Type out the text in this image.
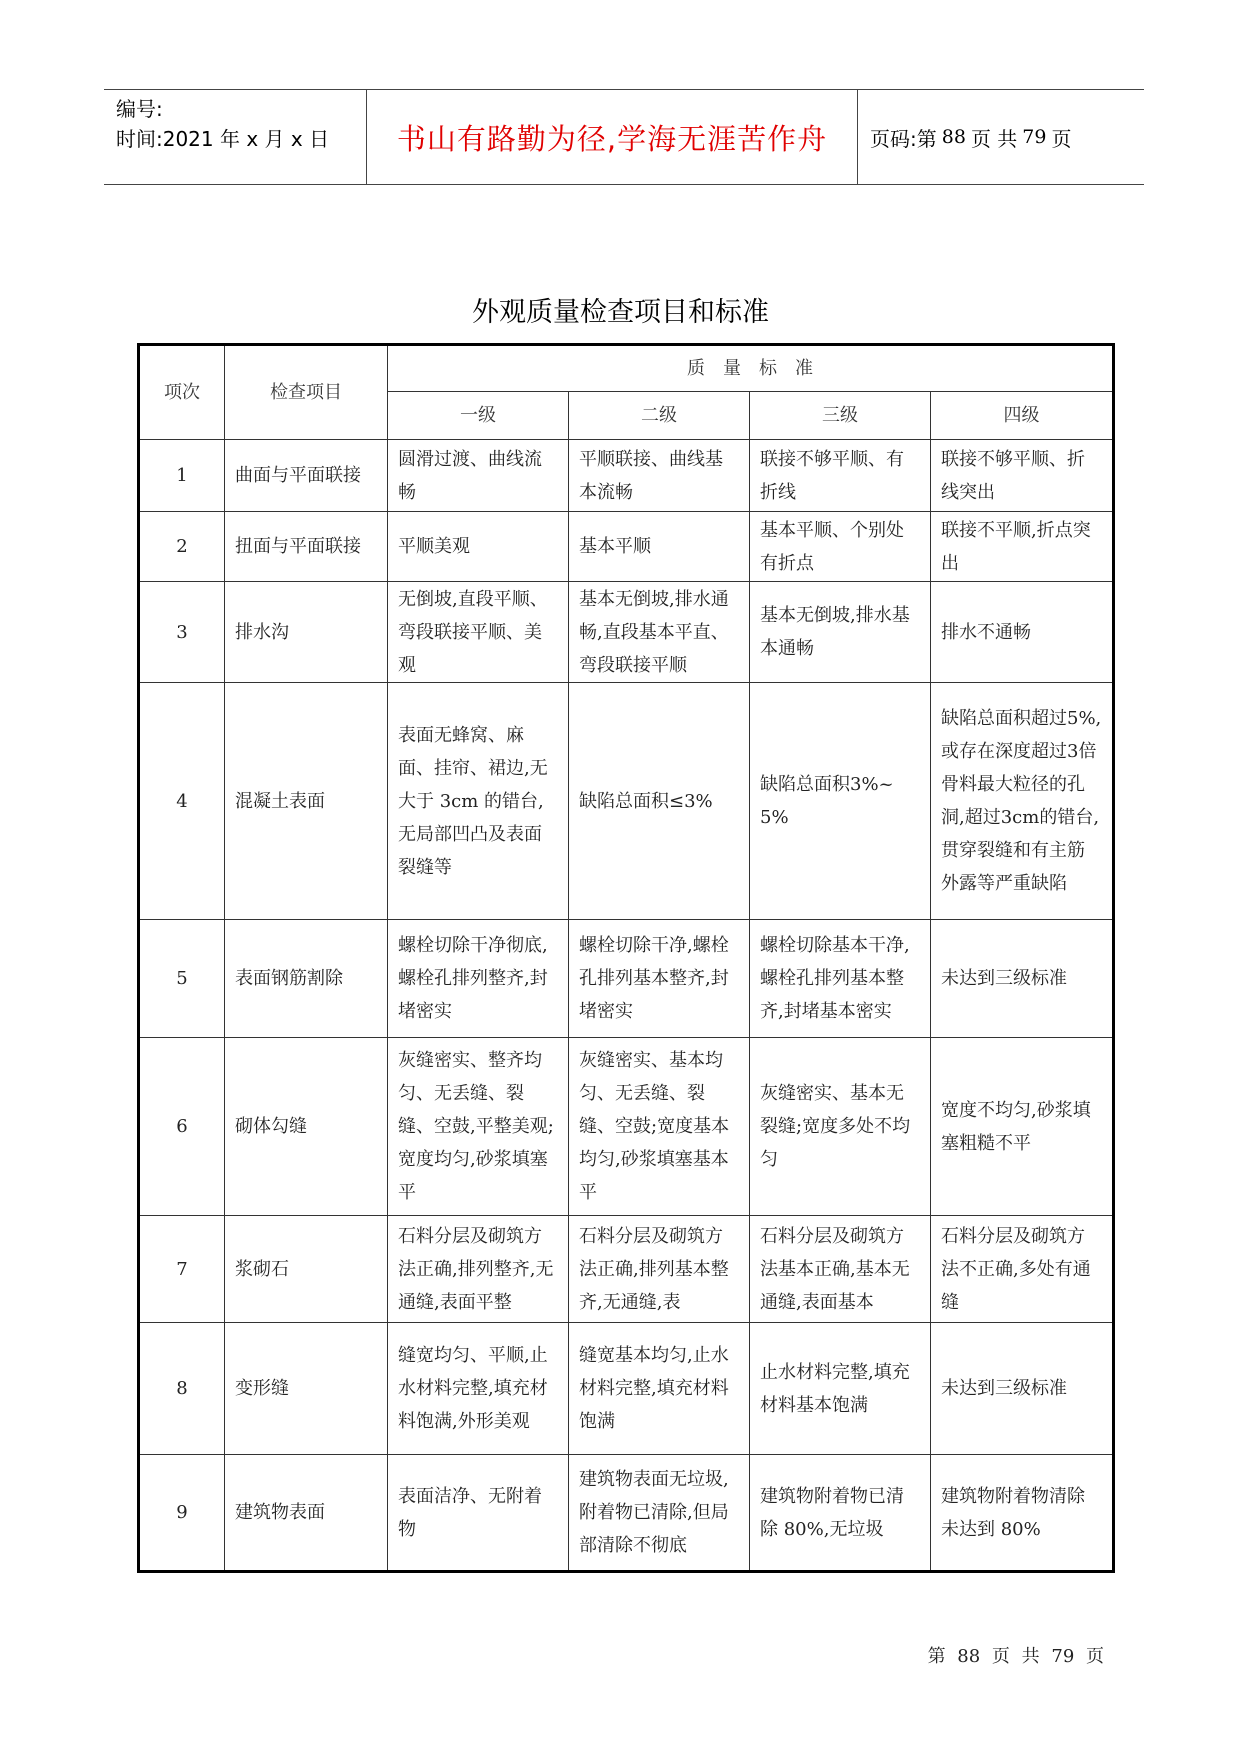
编号:
时间:2021 年 x 月 x 日	书山有路勤为径,学海无涯苦作舟	页码:第 88 页 共 79 页
外观质量检查项目和标准
项次	检查项目	质量标准			
		一级	二级	三级	四级
1	曲面与平面联接	圆滑过渡、曲线流畅	平顺联接、曲线基本流畅	联接不够平顺、有折线	联接不够平顺、折线突出
2	扭面与平面联接	平顺美观	基本平顺	基本平顺、个别处有折点	联接不平顺,折点突出
3	排水沟	无倒坡,直段平顺、弯段联接平顺、美观	基本无倒坡,排水通畅,直段基本平直、弯段联接平顺	基本无倒坡,排水基本通畅	排水不通畅
4	混凝土表面	表面无蜂窝、麻面、挂帘、裙边,无大于 3cm 的错台,无局部凹凸及表面裂缝等	缺陷总面积≤3%	缺陷总面积3%~5%	缺陷总面积超过5%,或存在深度超过3倍骨料最大粒径的孔洞,超过3cm的错台,贯穿裂缝和有主筋外露等严重缺陷
5	表面钢筋割除	螺栓切除干净彻底,螺栓孔排列整齐,封堵密实	螺栓切除干净,螺栓孔排列基本整齐,封堵密实	螺栓切除基本干净,螺栓孔排列基本整齐,封堵基本密实	未达到三级标准
6	砌体勾缝	灰缝密实、整齐均匀、无丢缝、裂缝、空鼓,平整美观;宽度均匀,砂浆填塞平	灰缝密实、基本均匀、无丢缝、裂缝、空鼓;宽度基本均匀,砂浆填塞基本平	灰缝密实、基本无裂缝;宽度多处不均匀	宽度不均匀,砂浆填塞粗糙不平
7	浆砌石	石料分层及砌筑方法正确,排列整齐,无通缝,表面平整	石料分层及砌筑方法正确,排列基本整齐,无通缝,表	石料分层及砌筑方法基本正确,基本无通缝,表面基本	石料分层及砌筑方法不正确,多处有通缝
8	变形缝	缝宽均匀、平顺,止水材料完整,填充材料饱满,外形美观	缝宽基本均匀,止水材料完整,填充材料饱满	止水材料完整,填充材料基本饱满	未达到三级标准
9	建筑物表面	表面洁净、无附着物	建筑物表面无垃圾,附着物已清除,但局部清除不彻底	建筑物附着物已清除 80%,无垃圾	建筑物附着物清除未达到 80%
第 88 页 共 79 页
